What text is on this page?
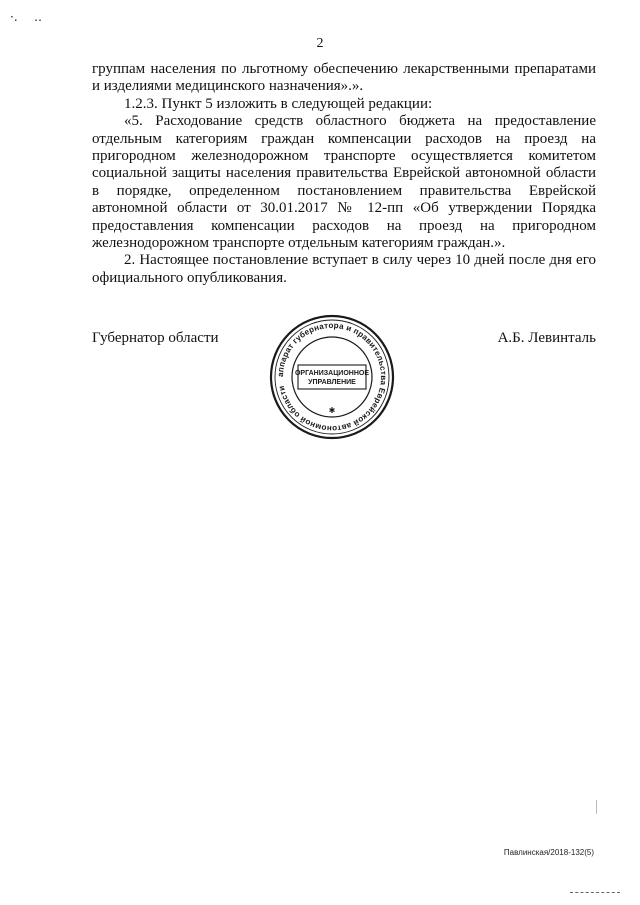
·. ‥
2

группам населения по льготному обеспечению лекарственными препаратами и изделиями медицинского назначения».».

1.2.3. Пункт 5 изложить в следующей редакции:

«5. Расходование средств областного бюджета на предоставление отдельным категориям граждан компенсации расходов на проезд на пригородном железнодорожном транспорте осуществляется комитетом социальной защиты населения правительства Еврейской автономной области в порядке, определенном постановлением правительства Еврейской автономной области от 30.01.2017 № 12-пп «Об утверждении Порядка предоставления компенсации расходов на проезд на пригородном железнодорожном транспорте отдельным категориям граждан.».

2. Настоящее постановление вступает в силу через 10 дней после дня его официального опубликования.

Губернатор области	А.Б. Левинталь
аппарат губернатора и правительства Еврейской автономной области
ОРГАНИЗАЦИОННОЕ
УПРАВЛЕНИЕ
✱
Павлинская/2018-132(5)
